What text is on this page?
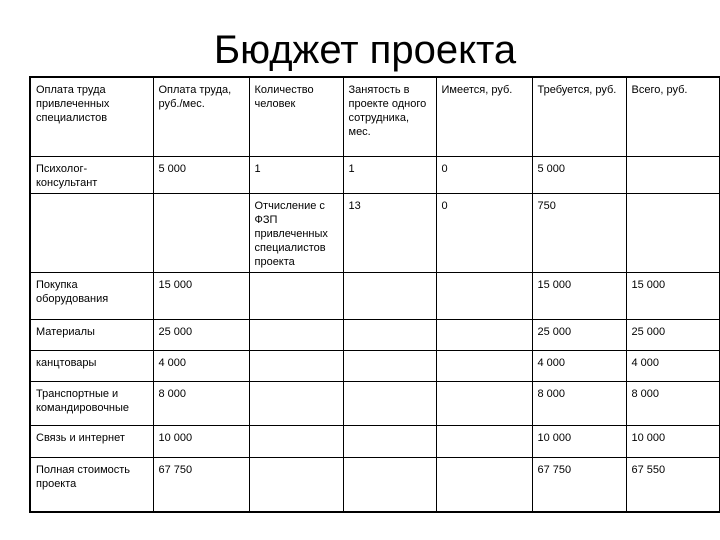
Бюджет проекта
Оплата труда привлеченных специалистов	Оплата труда, руб./мес.	Количество человек	Занятость в проекте одного сотрудника, мес.	Имеется, руб.	Требуется, руб.	Всего, руб.
Психолог-консультант	5 000	1	1	0	5 000	
		Отчисление с ФЗП привлеченных специалистов проекта	13	0	750	
Покупка оборудования	15 000				15 000	15 000
Материалы	25 000				25 000	25 000
канцтовары	4 000				4 000	4 000
Транспортные и командировочные	8 000				8 000	8 000
Связь и интернет	10 000				10 000	10 000
Полная стоимость проекта	67 750				67 750	67 550
